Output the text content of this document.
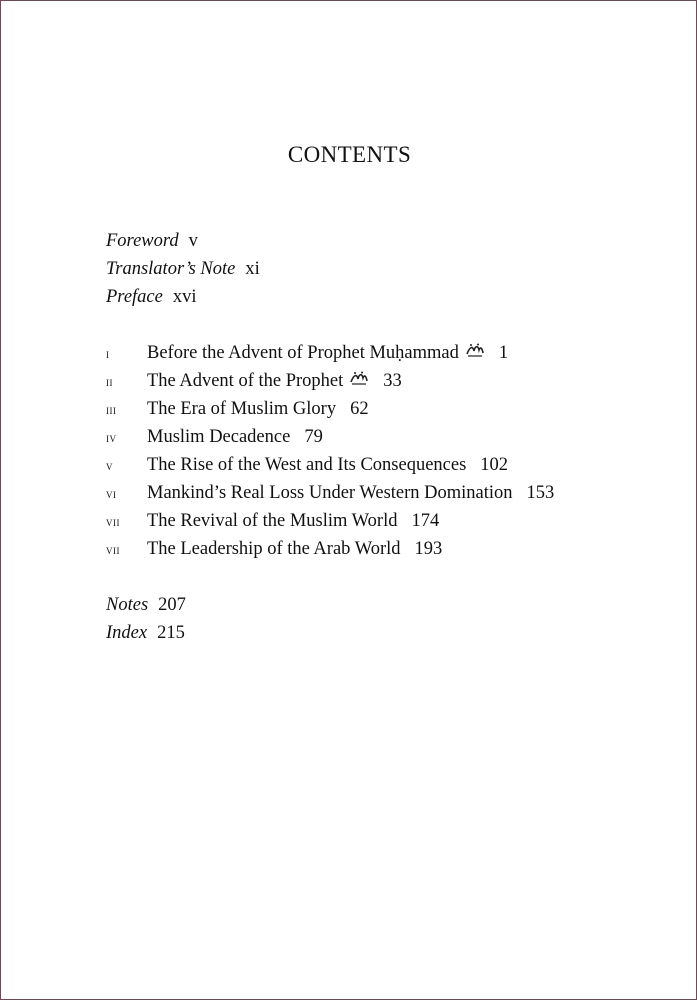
CONTENTS
Foreword v
Translator’s Note xi
Preface xvi
i	Before the Advent of Prophet Muḥammad 1
ii	The Advent of the Prophet 33
iii	The Era of Muslim Glory 62
iv	Muslim Decadence 79
v	The Rise of the West and Its Consequences 102
vi	Mankind’s Real Loss Under Western Domination 153
vii	The Revival of the Muslim World 174
vii	The Leadership of the Arab World 193
Notes 207
Index 215
